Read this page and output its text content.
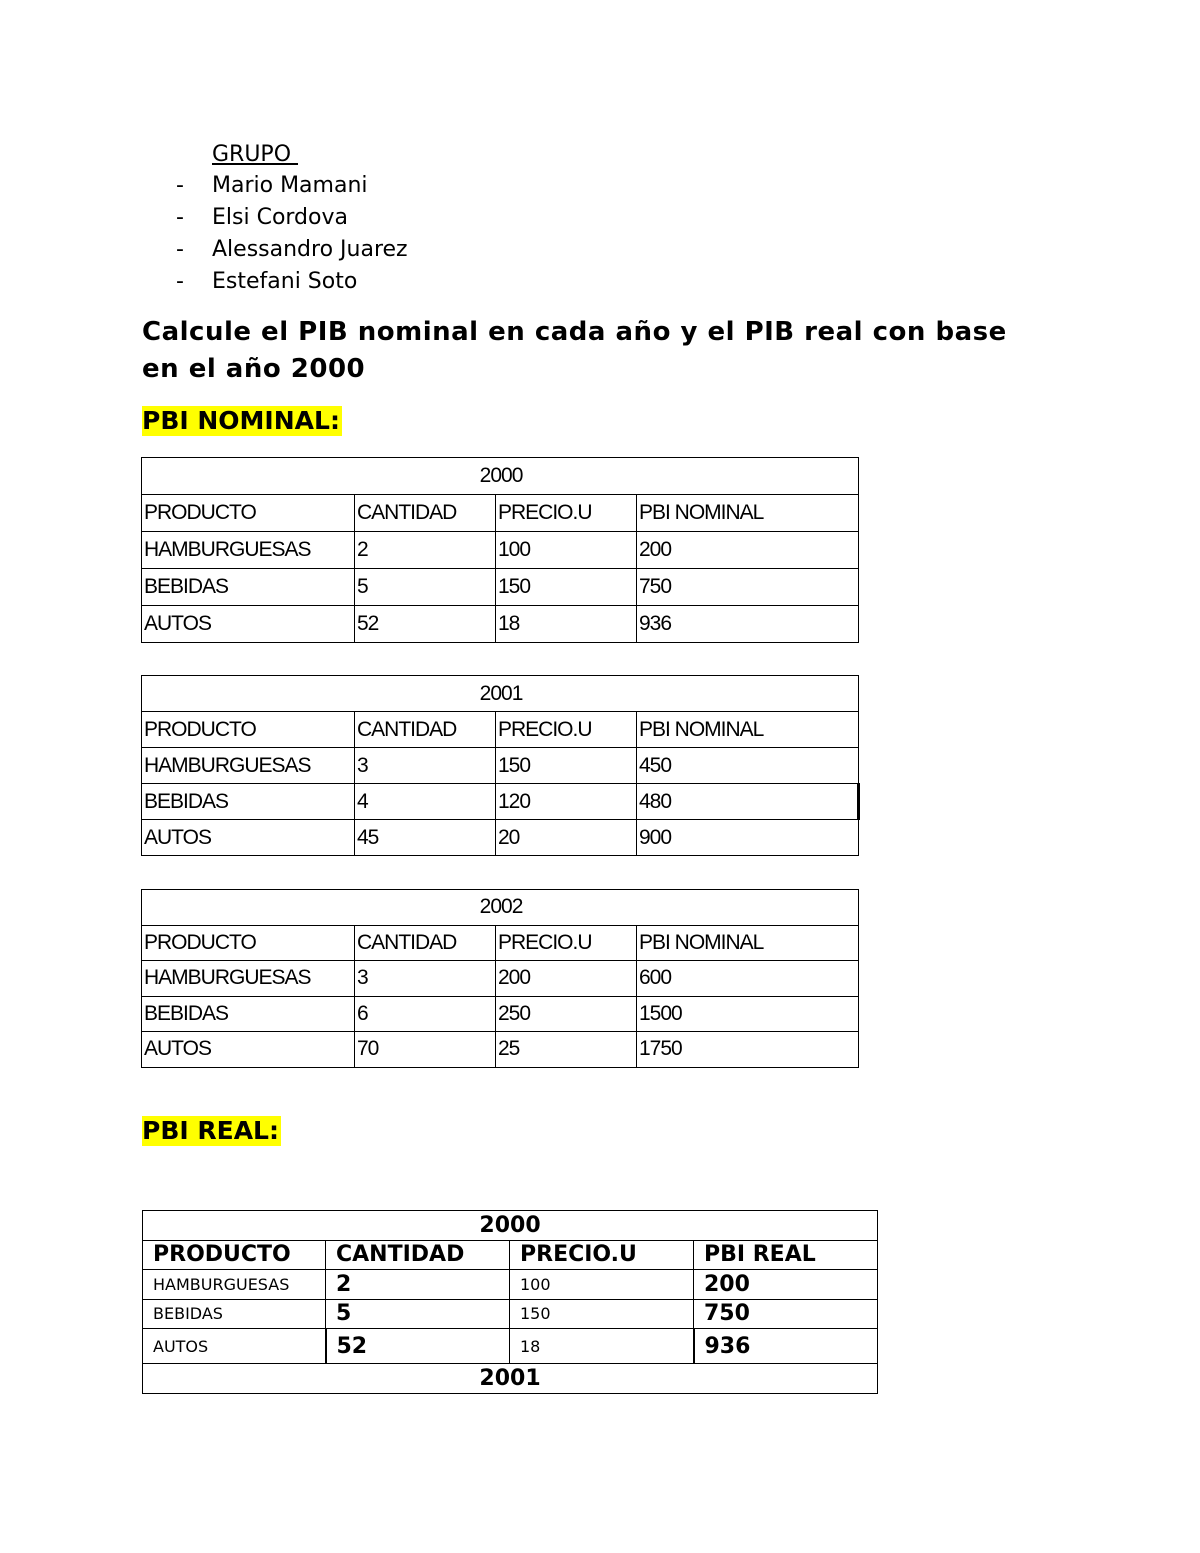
GRUPO
- Mario Mamani
- Elsi Cordova
- Alessandro Juarez
- Estefani Soto
Calcule el PIB nominal en cada año y el PIB real con base en el año 2000
PBI NOMINAL:
2000			
PRODUCTO	CANTIDAD	PRECIO.U	PBI NOMINAL
HAMBURGUESAS	2	100	200
BEBIDAS	5	150	750
AUTOS	52	18	936
2001			
PRODUCTO	CANTIDAD	PRECIO.U	PBI NOMINAL
HAMBURGUESAS	3	150	450
BEBIDAS	4	120	480
AUTOS	45	20	900
2002			
PRODUCTO	CANTIDAD	PRECIO.U	PBI NOMINAL
HAMBURGUESAS	3	200	600
BEBIDAS	6	250	1500
AUTOS	70	25	1750
PBI REAL:
2000			
PRODUCTO	CANTIDAD	PRECIO.U	PBI REAL
HAMBURGUESAS	2	100	200
BEBIDAS	5	150	750
AUTOS	52	18	936
2001			
